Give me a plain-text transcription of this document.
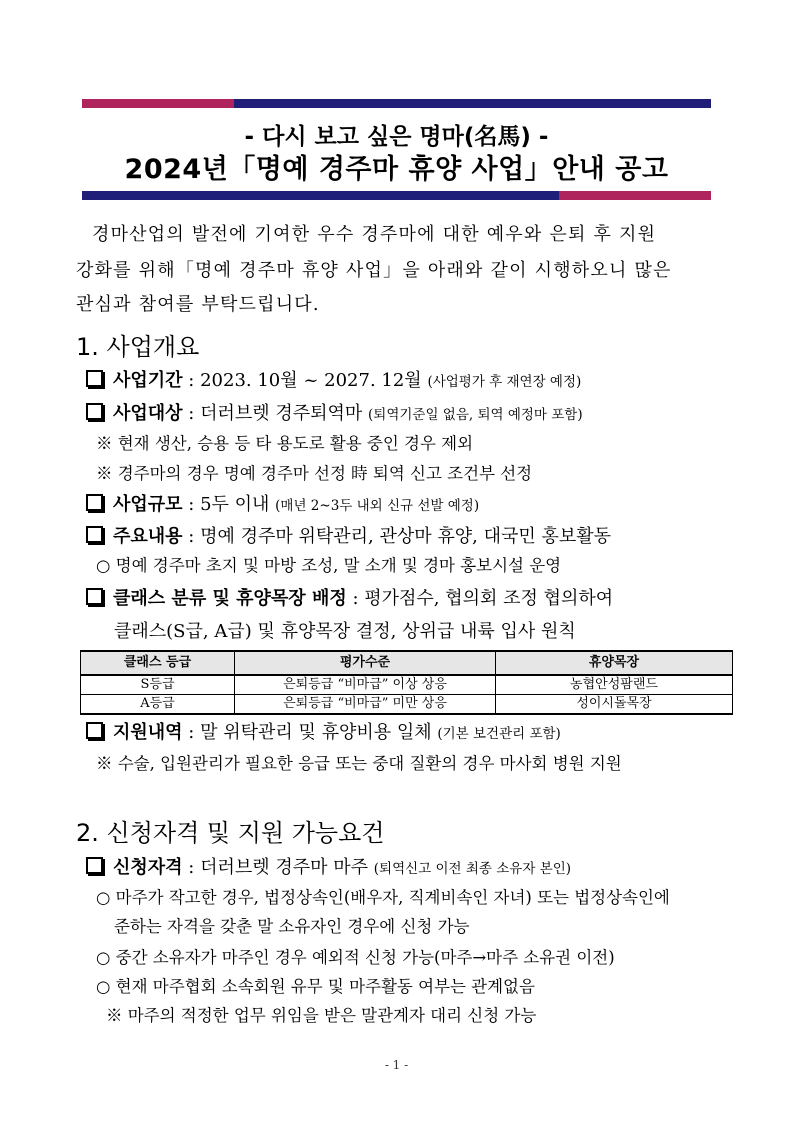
- 다시 보고 싶은 명마(名馬) -
2024년「명예 경주마 휴양 사업」안내 공고
경마산업의 발전에 기여한 우수 경주마에 대한 예우와 은퇴 후 지원
강화를 위해「명예 경주마 휴양 사업」을 아래와 같이 시행하오니 많은
관심과 참여를 부탁드립니다.
1. 사업개요
사업기간 : 2023. 10월 ~ 2027. 12월 (사업평가 후 재연장 예정)
사업대상 : 더러브렛 경주퇴역마 (퇴역기준일 없음, 퇴역 예정마 포함)
※ 현재 생산, 승용 등 타 용도로 활용 중인 경우 제외
※ 경주마의 경우 명예 경주마 선정 時 퇴역 신고 조건부 선정
사업규모 : 5두 이내 (매년 2~3두 내외 신규 선발 예정)
주요내용 : 명예 경주마 위탁관리, 관상마 휴양, 대국민 홍보활동
○ 명예 경주마 초지 및 마방 조성, 말 소개 및 경마 홍보시설 운영
클래스 분류 및 휴양목장 배정 : 평가점수, 협의회 조정 협의하여
클래스(S급, A급) 및 휴양목장 결정, 상위급 내륙 입사 원칙
클래스 등급	평가수준	휴양목장
S등급	은퇴등급 “비마급” 이상 상응	농협안성팜랜드
A등급	은퇴등급 “비마급” 미만 상응	성이시돌목장
지원내역 : 말 위탁관리 및 휴양비용 일체 (기본 보건관리 포함)
※ 수술, 입원관리가 필요한 응급 또는 중대 질환의 경우 마사회 병원 지원
2. 신청자격 및 지원 가능요건
신청자격 : 더러브렛 경주마 마주 (퇴역신고 이전 최종 소유자 본인)
○ 마주가 작고한 경우, 법정상속인(배우자, 직계비속인 자녀) 또는 법정상속인에
준하는 자격을 갖춘 말 소유자인 경우에 신청 가능
○ 중간 소유자가 마주인 경우 예외적 신청 가능(마주→마주 소유권 이전)
○ 현재 마주협회 소속회원 유무 및 마주활동 여부는 관계없음
※ 마주의 적정한 업무 위임을 받은 말관계자 대리 신청 가능
- 1 -
